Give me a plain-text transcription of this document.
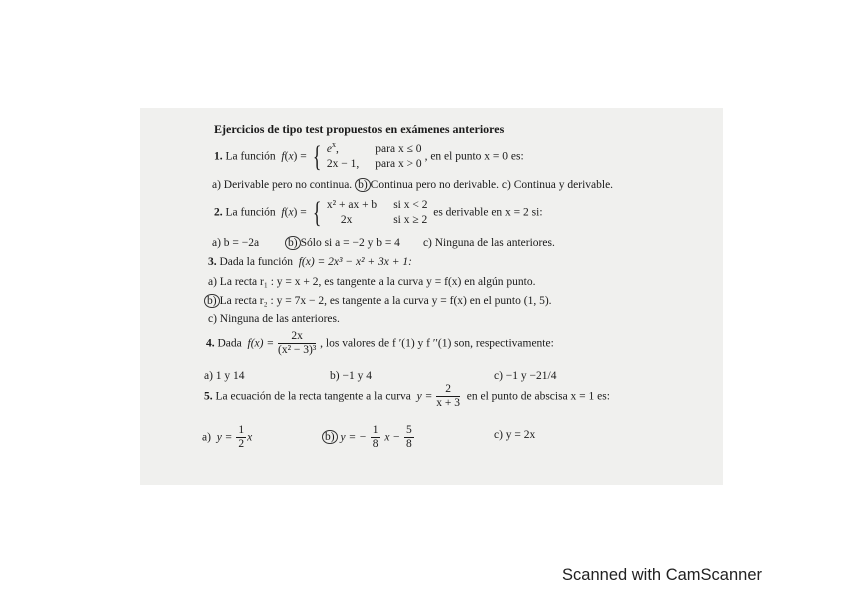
Ejercicios de tipo test propuestos en exámenes anteriores
1. La función f(x) = { $e^x$,	para x ≤ 0
2x − 1, para x > 0
, en el punto x = 0 es:
a) Derivable pero no continua. b) Continua pero no derivable. c) Continua y derivable.
2. La función f(x) = { x² + ax + b si x < 2
2x	si x ≥ 2
es derivable en x = 2 si:
a) b = −2a	b) Sólo si a = −2 y b = 4 c) Ninguna de las anteriores.
3. Dada la función f(x) = 2x³ − x² + 3x + 1:
a) La recta r₁ : y = x + 2, es tangente a la curva y = f(x) en algún punto.
b) La recta r₂ : y = 7x − 2, es tangente a la curva y = f(x) en el punto (1, 5).
c) Ninguna de las anteriores.
4. Dada $f(x) = \frac{2x}{\text{(x² − 3)³}}$ , los valores de f ′(1) y f ′′(1) son, respectivamente:
a) 1 y 14	b) −1 y 4	c) −1 y −21/4
5. La ecuación de la recta tangente a la curva $y = \frac{2}{x + 3}$ en el punto de abscisa x = 1 es:
a) $y = \frac{1}{2}$ x	b) y = − $\frac{1}{8}$ $x - \frac{5}{8}$	c) y = 2x
Scanned with CamScanner
